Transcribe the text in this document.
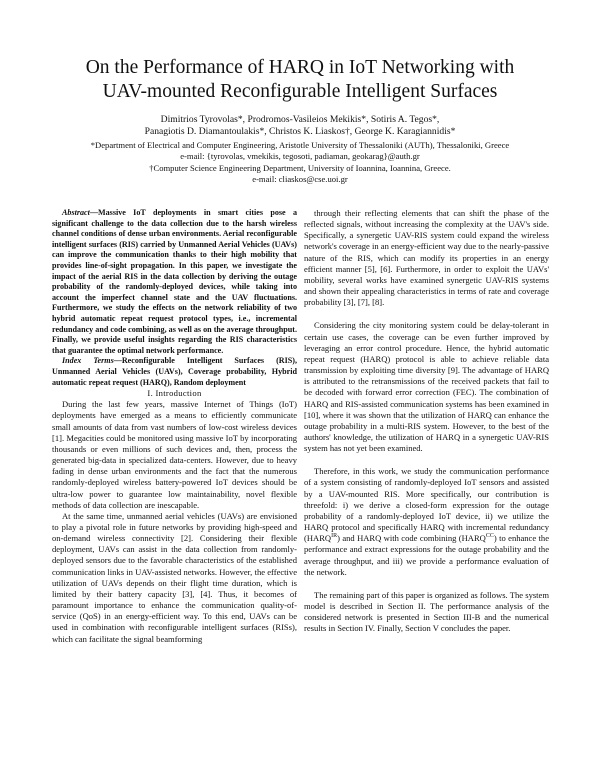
On the Performance of HARQ in IoT Networking with
UAV-mounted Reconfigurable Intelligent Surfaces
Dimitrios Tyrovolas*, Prodromos-Vasileios Mekikis*, Sotiris A. Tegos*,
Panagiotis D. Diamantoulakis*, Christos K. Liaskos†, George K. Karagiannidis*
*Department of Electrical and Computer Engineering, Aristotle University of Thessaloniki (AUTh), Thessaloniki, Greece
e-mail: {tyrovolas, vmekikis, tegosoti, padiaman, geokarag}@auth.gr
†Computer Science Engineering Department, University of Ioannina, Ioannina, Greece.
e-mail: cliaskos@cse.uoi.gr

Abstract—Massive IoT deployments in smart cities pose a significant challenge to the data collection due to the harsh wireless channel conditions of dense urban environments. Aerial reconfigurable intelligent surfaces (RIS) carried by Unmanned Aerial Vehicles (UAVs) can improve the communication thanks to their high mobility that provides line-of-sight propagation. In this paper, we investigate the impact of the aerial RIS in the data collection by deriving the outage probability of the randomly-deployed devices, while taking into account the imperfect channel state and the UAV fluctuations. Furthermore, we study the effects on the network reliability of two hybrid automatic repeat request protocol types, i.e., incremental redundancy and code combining, as well as on the average throughput. Finally, we provide useful insights regarding the RIS characteristics that guarantee the optimal network performance.

Index Terms—Reconfigurable Intelligent Surfaces (RIS), Unmanned Aerial Vehicles (UAVs), Coverage probability, Hybrid automatic repeat request (HARQ), Random deployment

I. Introduction

During the last few years, massive Internet of Things (IoT) deployments have emerged as a means to efficiently communicate small amounts of data from vast numbers of low-cost wireless devices [1]. Megacities could be monitored using massive IoT by incorporating thousands or even millions of such devices and, then, process the generated big-data in specialized data-centers. However, due to heavy fading in dense urban environments and the fact that the numerous randomly-deployed wireless battery-powered IoT devices should be ultra-low power to guarantee low maintainability, novel flexible methods of data collection are inescapable.

At the same time, unmanned aerial vehicles (UAVs) are envisioned to play a pivotal role in future networks by providing high-speed and on-demand wireless connectivity [2]. Considering their flexible deployment, UAVs can assist in the data collection from randomly-deployed sensors due to the favorable characteristics of the established communication links in UAV-assisted networks. However, the effective utilization of UAVs depends on their flight time duration, which is limited by their battery capacity [3], [4]. Thus, it becomes of paramount importance to enhance the communication quality-of-service (QoS) in an energy-efficient way. To this end, UAVs can be used in combination with reconfigurable intelligent surfaces (RISs), which can facilitate the signal beamforming

through their reflecting elements that can shift the phase of the reflected signals, without increasing the complexity at the UAV's side. Specifically, a synergetic UAV-RIS system could expand the wireless network's coverage in an energy-efficient way due to the nearly-passive nature of the RIS, which can modify its properties in an energy efficient manner [5], [6]. Furthermore, in order to exploit the UAVs' mobility, several works have examined synergetic UAV-RIS systems and shown their appealing characteristics in terms of rate and coverage probability [3], [7], [8].

Considering the city monitoring system could be delay-tolerant in certain use cases, the coverage can be even further improved by leveraging an error control procedure. Hence, the hybrid automatic repeat request (HARQ) protocol is able to achieve reliable data transmission by exploiting time diversity [9]. The advantage of HARQ is attributed to the retransmissions of the received packets that fail to be decoded with forward error correction (FEC). The combination of HARQ and RIS-assisted communication systems has been examined in [10], where it was shown that the utilization of HARQ can enhance the outage probability in a multi-RIS system. However, to the best of the authors' knowledge, the utilization of HARQ in a synergetic UAV-RIS system has not yet been examined.

Therefore, in this work, we study the communication performance of a system consisting of randomly-deployed IoT sensors and assisted by a UAV-mounted RIS. More specifically, our contribution is threefold: i) we derive a closed-form expression for the outage probability of a randomly-deployed IoT device, ii) we utilize the HARQ protocol and specifically HARQ with incremental redundancy $(HARQ^{IR})$ and HARQ with code combining $(HARQ^{CC})$ to enhance the performance and extract expressions for the outage probability and the average throughput, and iii) we provide a performance evaluation of the network.

The remaining part of this paper is organized as follows. The system model is described in Section II. The performance analysis of the considered network is presented in Section III-B and the numerical results in Section IV. Finally, Section V concludes the paper.
